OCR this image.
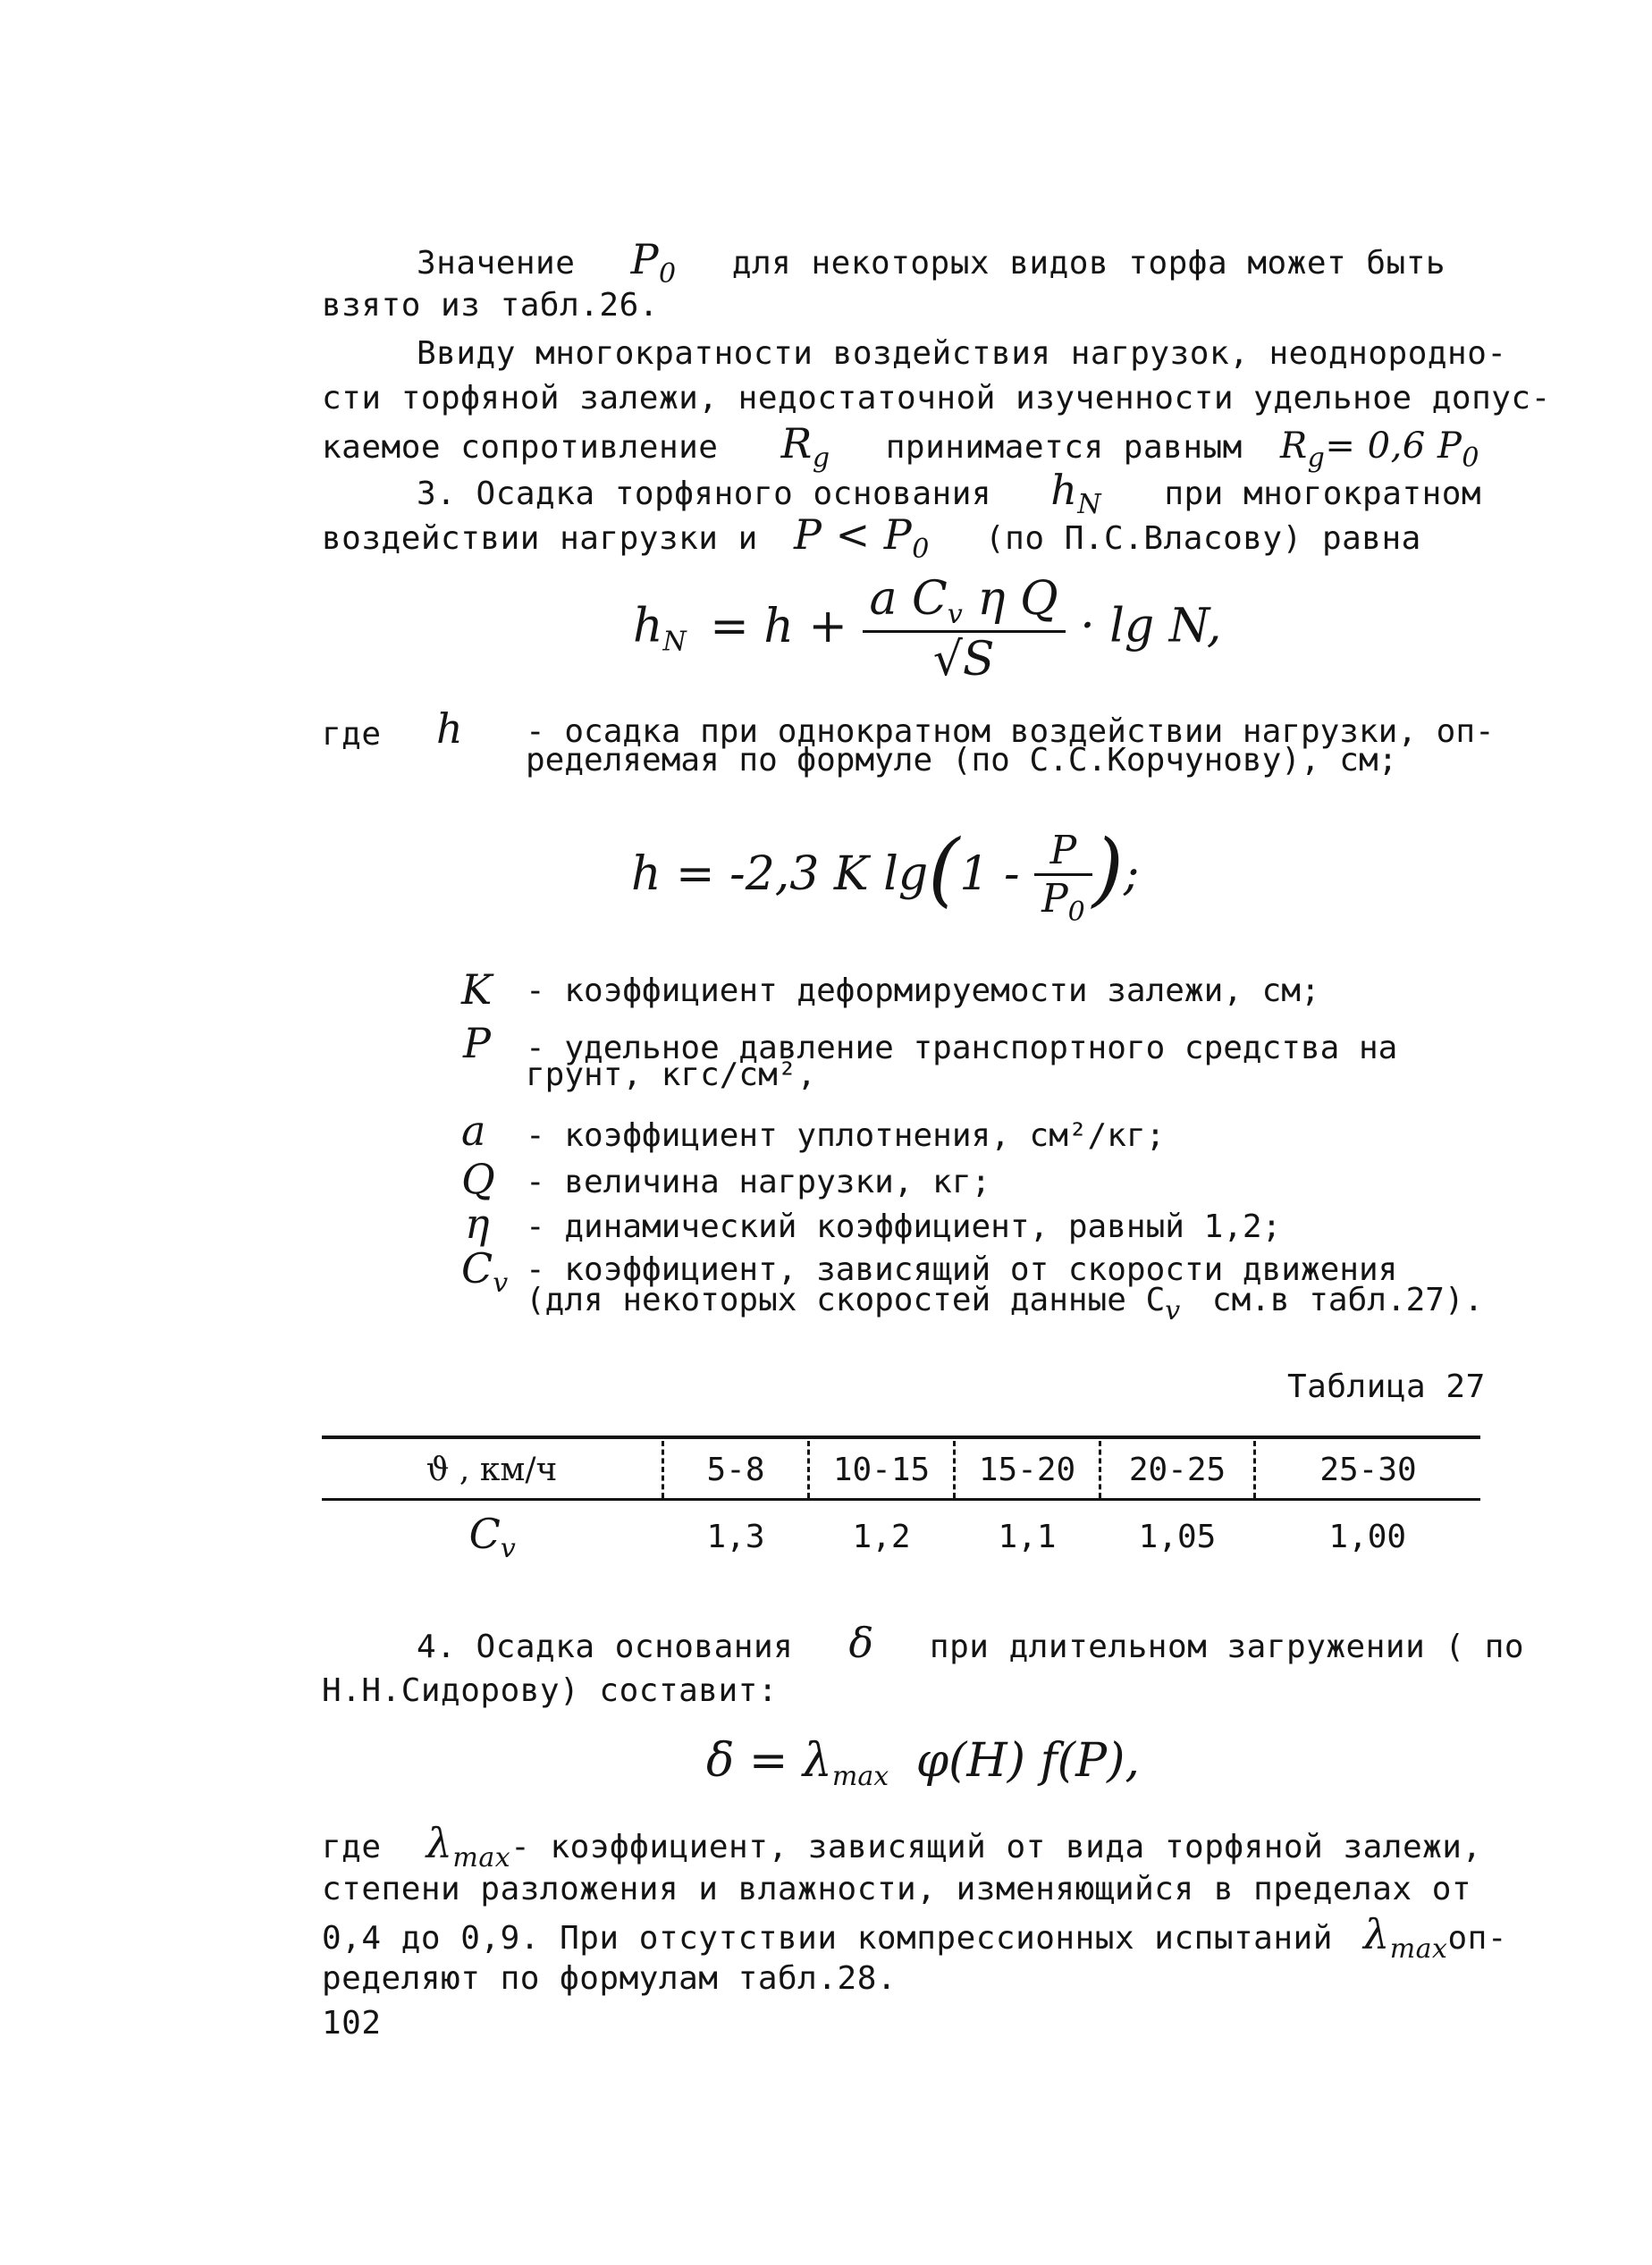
Значение $P_0$ для некоторых видов торфа может быть
взято из табл.26.
Ввиду многократности воздействия нагрузок, неоднородно-
сти торфяной залежи, недостаточной изученности удельное допус-
каемое сопротивление $R_g$ принимается равным $R_g= 0,6$ $P_0$
3. Осадка торфяного основания $h_N$ при многократном
воздействии нагрузки и $P < P_0$ (по П.С.Власову) равна
$h_N = h + \frac{a C_v \eta Q}{√S} \cdot \lg N$,
где h - осадка при однократном воздействии нагрузки, оп-
ределяемая по формуле (по С.С.Корчунову), см;
h = -2,3 K $\lg(1 - \frac{P}{P_0}$ );
K - коэффициент деформируемости залежи, см;
P - удельное давление транспортного средства на
грунт, кгс/см²,
a - коэффициент уплотнения, см²/кг;
Q - величина нагрузки, кг;
η - динамический коэффициент, равный 1,2;
$C_v$ - коэффициент, зависящий от скорости движения
(для некоторых скоростей данные $C_v$ см.в табл.27).
Таблица 27
ϑ , км/ч	5-8	10-15	15-20	20-25	25-30
$C_v$	1,3	1,2	1,1	1,05	1,00
4. Осадка основания δ при длительном загружении ( по
Н.Н.Сидорову) составит:
$\delta = \lambda_{max}$ φ(H) f(P),
где $\lambda_{max}-$ коэффициент, зависящий от вида торфяной залежи,
степени разложения и влажности, изменяющийся в пределах от
0,4 до 0,9. При отсутствии компрессионных испытаний $\lambda_{max}оп-$
ределяют по формулам табл.28.
102
